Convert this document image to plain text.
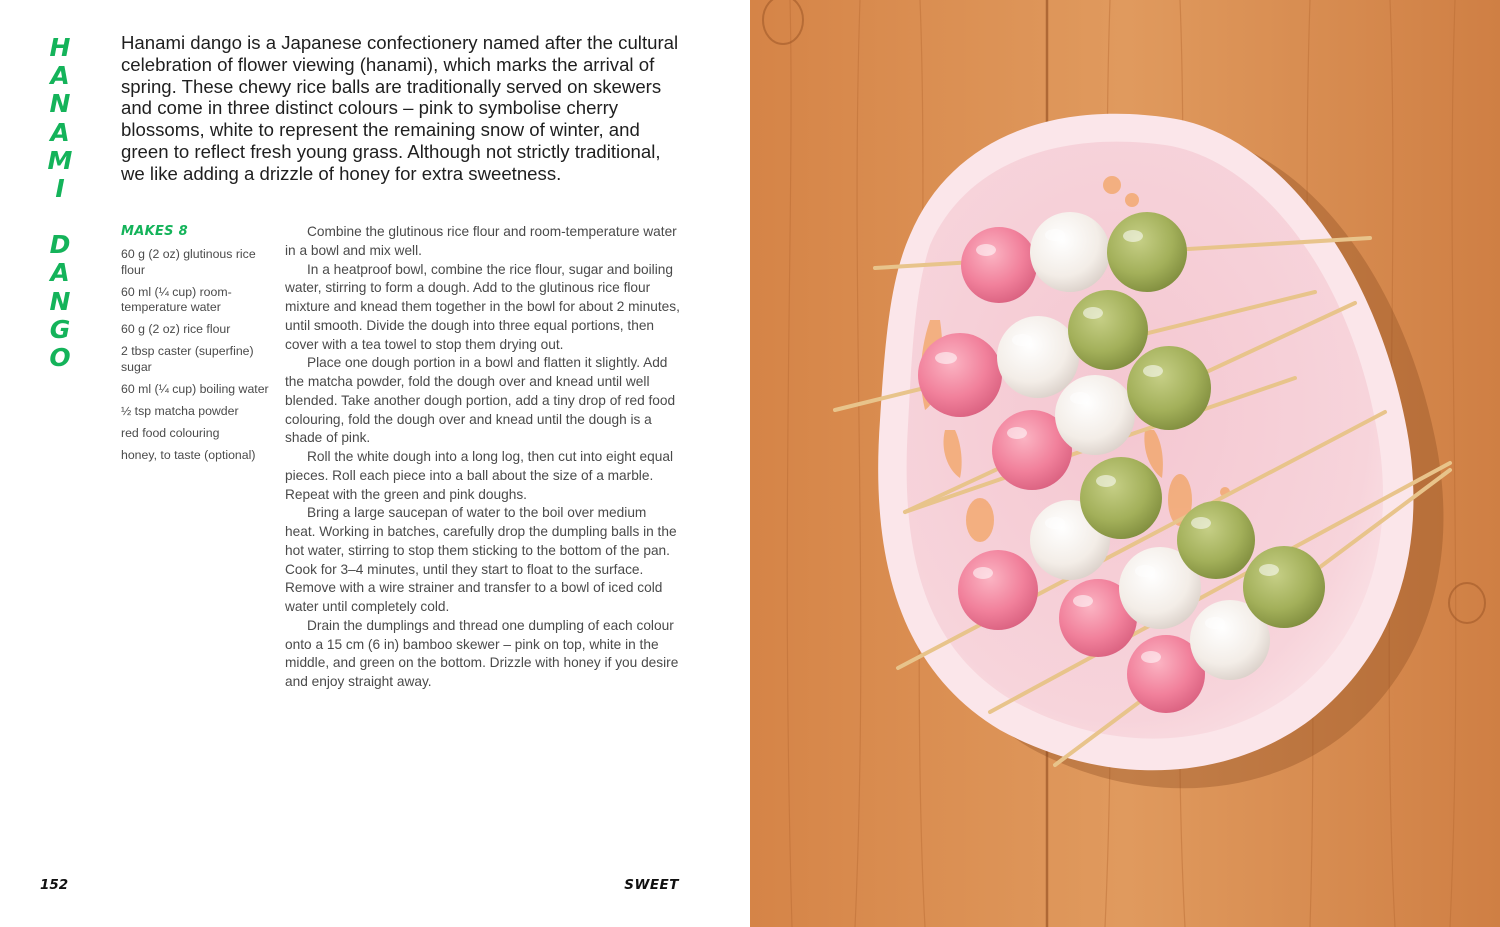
H
A
N
A
M
I
D
A
N
G
O

Hanami dango is a Japanese confectionery named after the cultural celebration of flower viewing (hanami), which marks the arrival of spring. These chewy rice balls are traditionally served on skewers and come in three distinct colours – pink to symbolise cherry blossoms, white to represent the remaining snow of winter, and green to reflect fresh young grass. Although not strictly traditional, we like adding a drizzle of honey for extra sweetness.

MAKES 8
60 g (2 oz) glutinous rice flour
60 ml (¼ cup) room-temperature water
60 g (2 oz) rice flour
2 tbsp caster (superfine) sugar
60 ml (¼ cup) boiling water
½ tsp matcha powder
red food colouring
honey, to taste (optional)

Combine the glutinous rice flour and room-temperature water in a bowl and mix well.

In a heatproof bowl, combine the rice flour, sugar and boiling water, stirring to form a dough. Add to the glutinous rice flour mixture and knead them together in the bowl for about 2 minutes, until smooth. Divide the dough into three equal portions, then cover with a tea towel to stop them drying out.

Place one dough portion in a bowl and flatten it slightly. Add the matcha powder, fold the dough over and knead until well blended. Take another dough portion, add a tiny drop of red food colouring, fold the dough over and knead until the dough is a shade of pink.

Roll the white dough into a long log, then cut into eight equal pieces. Roll each piece into a ball about the size of a marble. Repeat with the green and pink doughs.

Bring a large saucepan of water to the boil over medium heat. Working in batches, carefully drop the dumpling balls in the hot water, stirring to stop them sticking to the bottom of the pan. Cook for 3–4 minutes, until they start to float to the surface. Remove with a wire strainer and transfer to a bowl of iced cold water until completely cold.

Drain the dumplings and thread one dumpling of each colour onto a 15 cm (6 in) bamboo skewer – pink on top, white in the middle, and green on the bottom. Drizzle with honey if you desire and enjoy straight away.

152	SWEET
